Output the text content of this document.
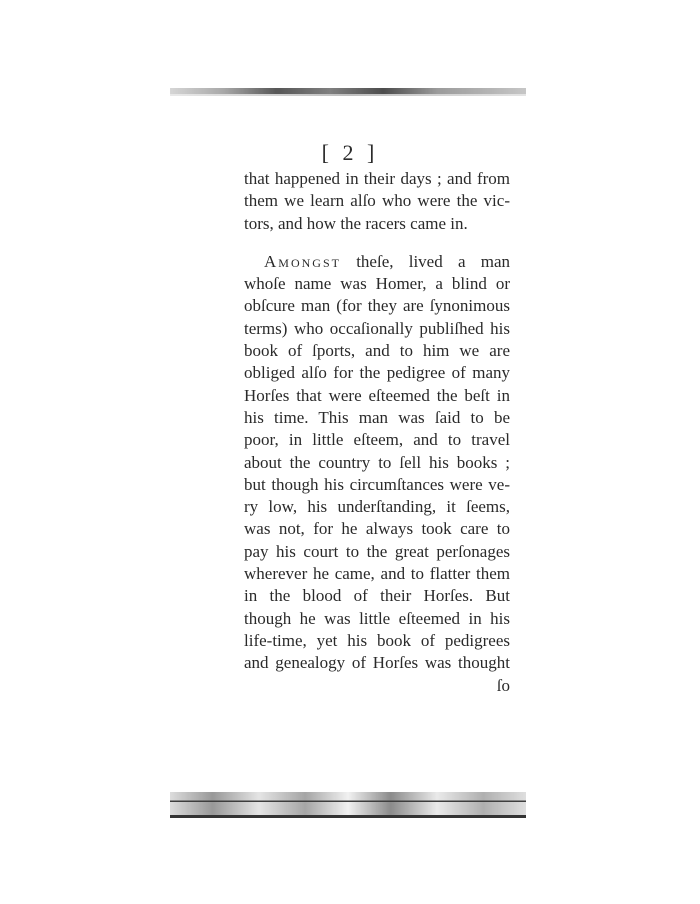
[ 2 ]
that happened in their days ; and from
them we learn alſo who were the vic-
tors, and how the racers came in.
Amongst theſe, lived a man
whoſe name was Homer, a blind or
obſcure man (for they are ſynonimous
terms) who occaſionally publiſhed his
book of ſports, and to him we are
obliged alſo for the pedigree of many
Horſes that were eſteemed the beſt in
his time. This man was ſaid to be
poor, in little eſteem, and to travel
about the country to ſell his books ;
but though his circumſtances were ve-
ry low, his underſtanding, it ſeems,
was not, for he always took care to
pay his court to the great perſonages
wherever he came, and to flatter them
in the blood of their Horſes. But
though he was little eſteemed in his
life-time, yet his book of pedigrees
and genealogy of Horſes was thought
ſo
